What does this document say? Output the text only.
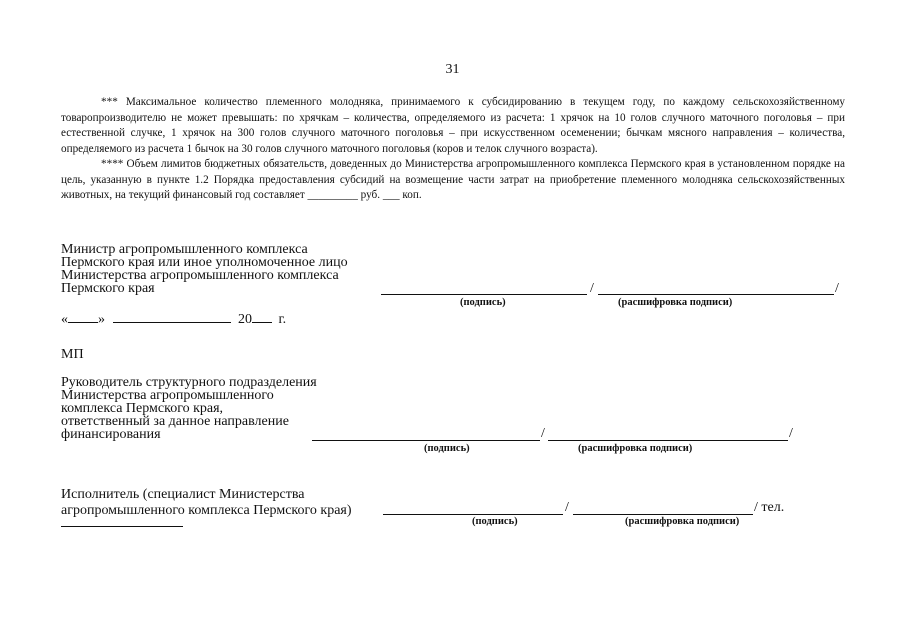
31

*** Максимальное количество племенного молодняка, принимаемого к субсидированию в текущем году, по каждому сельскохозяйственному товаропроизводителю не может превышать: по хрячкам – количества, определяемого из расчета: 1 хрячок на 10 голов случного маточного поголовья – при естественной случке, 1 хрячок на 300 голов случного маточного поголовья – при искусственном осеменении; бычкам мясного направления – количества, определяемого из расчета 1 бычок на 30 голов случного маточного поголовья (коров и телок случного возраста).

**** Объем лимитов бюджетных обязательств, доведенных до Министерства агропромышленного комплекса Пермского края в установленном порядке на цель, указанную в пункте 1.2 Порядка предоставления субсидий на возмещение части затрат на приобретение племенного молодняка сельскохозяйственных животных, на текущий финансовый год составляет _________ руб. ___ коп.

Министр агропромышленного комплекса
Пермского края или иное уполномоченное лицо
Министерства агропромышленного комплекса
Пермского края	/	/
(подпись)	(расшифровка подписи)
« »	20 г.
МП
Руководитель структурного подразделения
Министерства агропромышленного
комплекса Пермского края,
ответственный за данное направление
финансирования	/	/
(подпись)	(расшифровка подписи)
Исполнитель (специалист Министерства
агропромышленного комплекса Пермского края)	/	/ тел.
(подпись)	(расшифровка подписи)
